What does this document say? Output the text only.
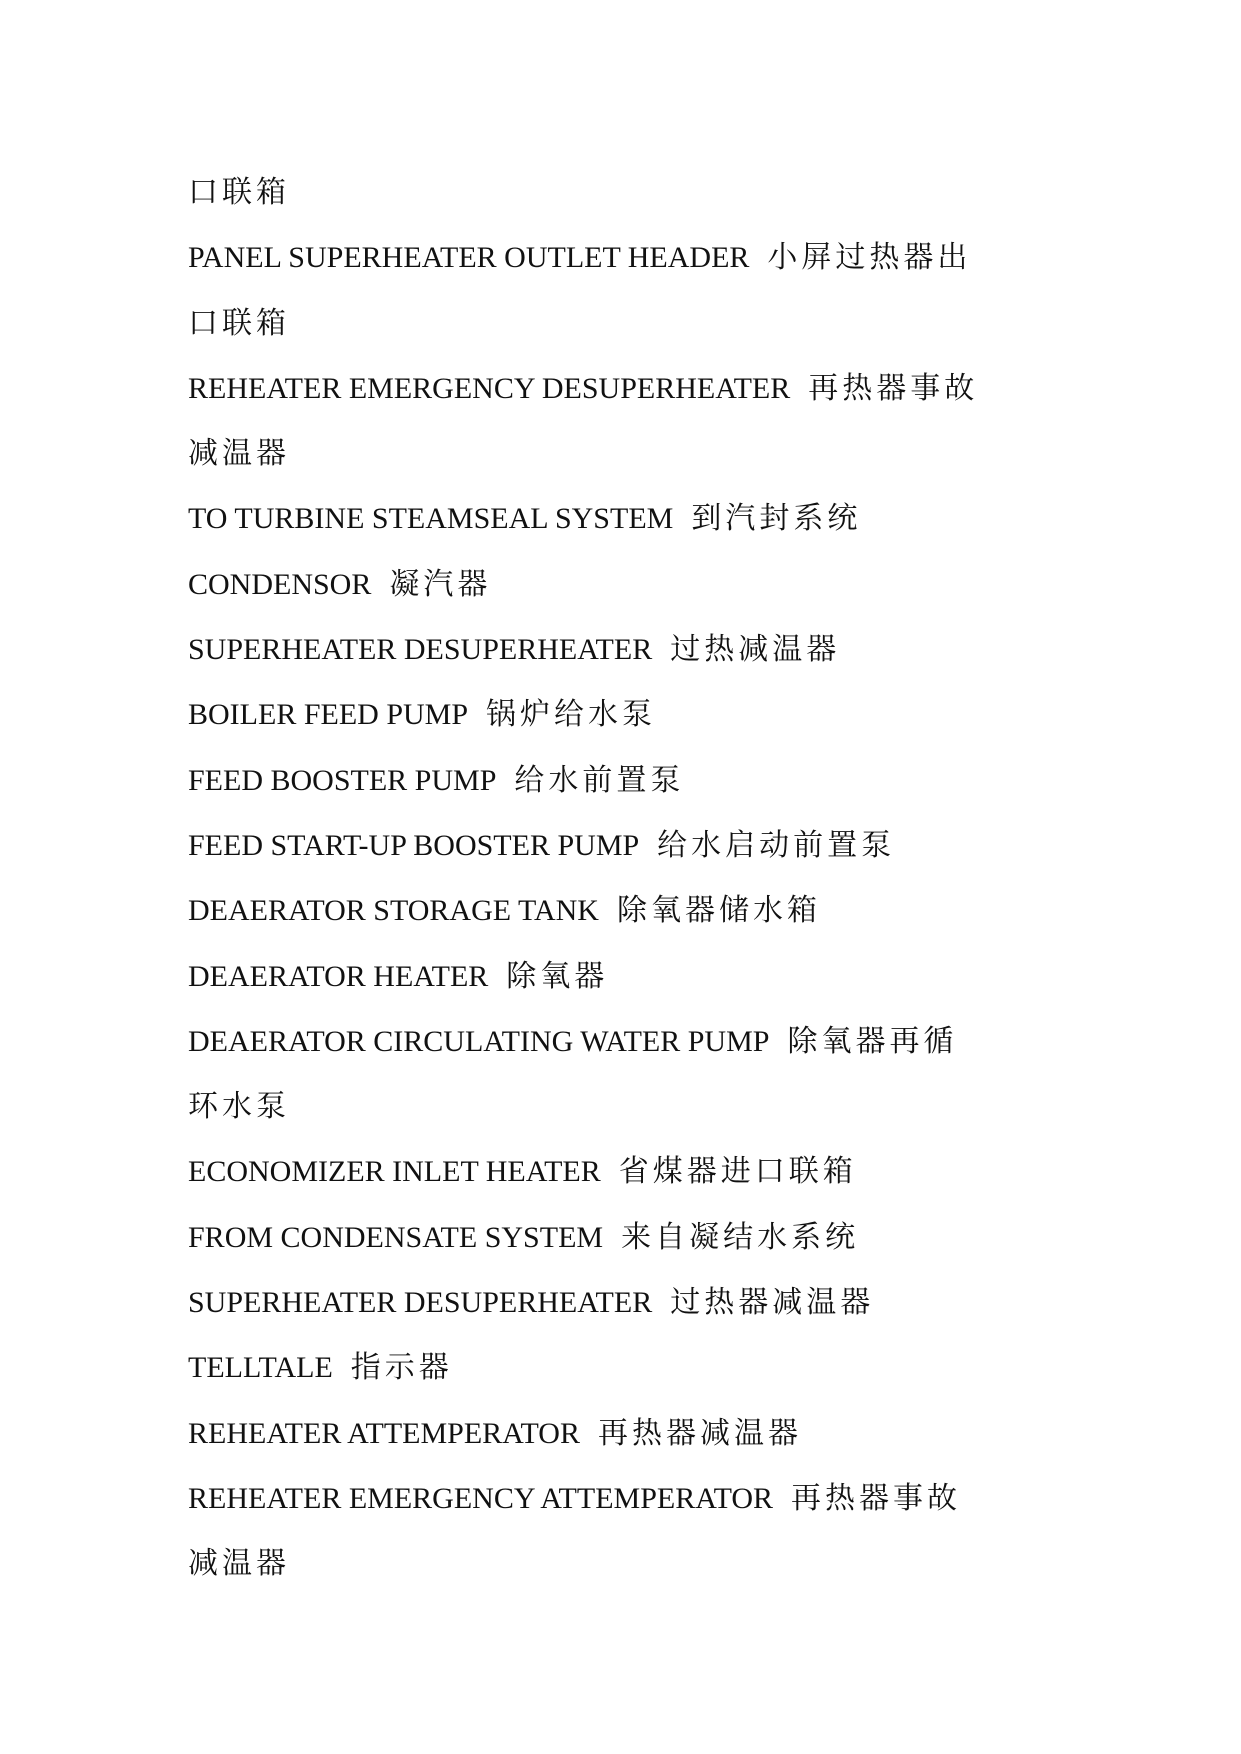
口联箱
PANEL SUPERHEATER OUTLET HEADER 小屏过热器出
口联箱
REHEATER EMERGENCY DESUPERHEATER 再热器事故
减温器
TO TURBINE STEAMSEAL SYSTEM 到汽封系统
CONDENSOR 凝汽器
SUPERHEATER DESUPERHEATER 过热减温器
BOILER FEED PUMP 锅炉给水泵
FEED BOOSTER PUMP 给水前置泵
FEED START-UP BOOSTER PUMP 给水启动前置泵
DEAERATOR STORAGE TANK 除氧器储水箱
DEAERATOR HEATER 除氧器
DEAERATOR CIRCULATING WATER PUMP 除氧器再循
环水泵
ECONOMIZER INLET HEATER 省煤器进口联箱
FROM CONDENSATE SYSTEM 来自凝结水系统
SUPERHEATER DESUPERHEATER 过热器减温器
TELLTALE 指示器
REHEATER ATTEMPERATOR 再热器减温器
REHEATER EMERGENCY ATTEMPERATOR 再热器事故
减温器
